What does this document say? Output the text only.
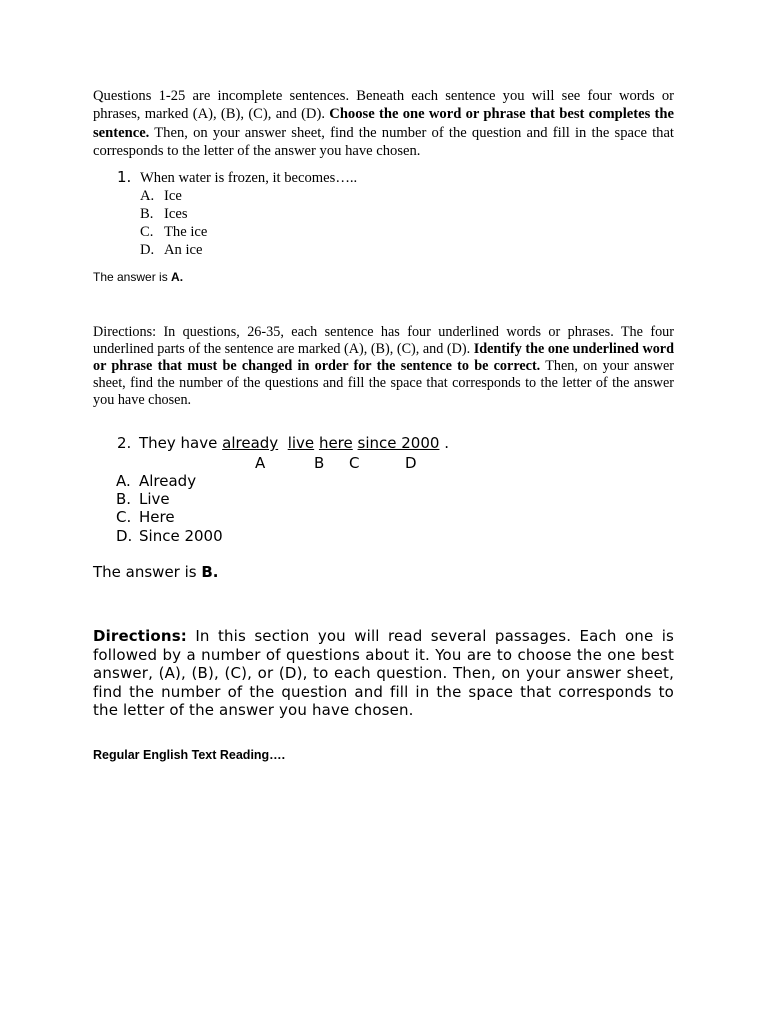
Questions 1-25 are incomplete sentences. Beneath each sentence you will see four words or phrases, marked (A), (B), (C), and (D). Choose the one word or phrase that best completes the sentence. Then, on your answer sheet, find the number of the question and fill in the space that corresponds to the letter of the answer you have chosen.

1. When water is frozen, it becomes…..
A. Ice
B. Ices
C. The ice
D. An ice
The answer is A.

Directions: In questions, 26-35, each sentence has four underlined words or phrases. The four underlined parts of the sentence are marked (A), (B), (C), and (D). Identify the one underlined word or phrase that must be changed in order for the sentence to be correct. Then, on your answer sheet, find the number of the questions and fill the space that corresponds to the letter of the answer you have chosen.

2. They have already live here since 2000 .
A	B C	D
A. Already
B. Live
C. Here
D. Since 2000
The answer is B.

Directions: In this section you will read several passages. Each one is followed by a number of questions about it. You are to choose the one best answer, (A), (B), (C), or (D), to each question. Then, on your answer sheet, find the number of the question and fill in the space that corresponds to the letter of the answer you have chosen.

Regular English Text Reading….
